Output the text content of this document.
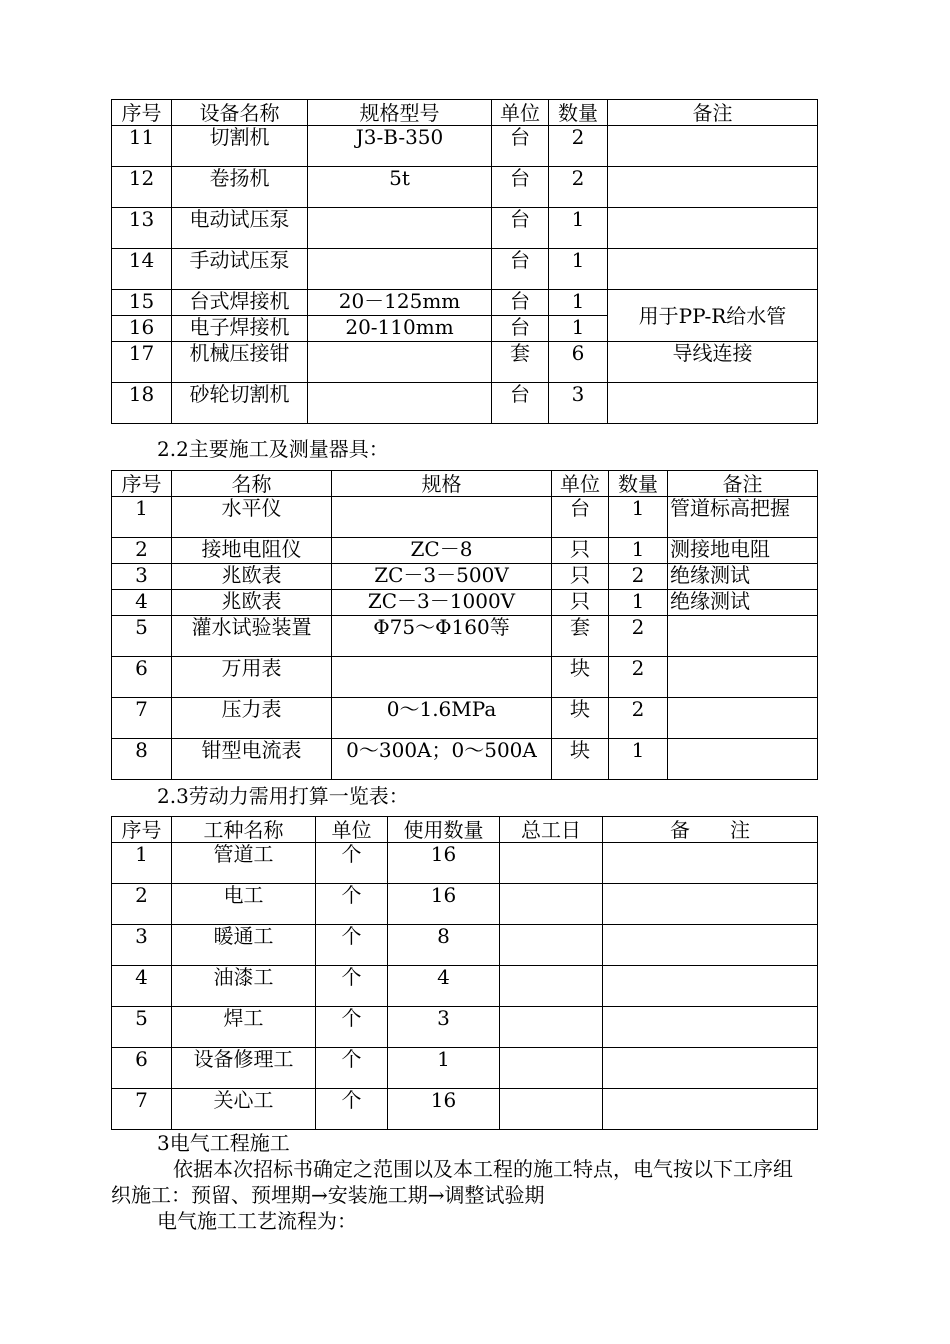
序号	设备名称	规格型号	单位	数量	备注
11	切割机	J3-B-350	台	2	
12	卷扬机	5t	台	2	
13	电动试压泵		台	1	
14	手动试压泵		台	1	
15	台式焊接机	20－125mm	台	1	用于PP-R给水管
16	电子焊接机	20-110mm	台	1	
17	机械压接钳		套	6	导线连接
18	砂轮切割机		台	3	
2.2主要施工及测量器具：
序号	名称	规格	单位	数量	备注
1	水平仪		台	1	管道标高把握
2	接地电阻仪	ZC－8	只	1	测接地电阻
3	兆欧表	ZC－3－500V	只	2	绝缘测试
4	兆欧表	ZC－3－1000V	只	1	绝缘测试
5	灌水试验装置	Φ75～Φ160等	套	2	
6	万用表		块	2	
7	压力表	0～1.6MPa	块	2	
8	钳型电流表	0～300A；0～500A	块	1	
2.3劳动力需用打算一览表：
序号	工种名称	单位	使用数量	总工日	备　　注
1	管道工	个	16		
2	电工	个	16		
3	暖通工	个	8		
4	油漆工	个	4		
5	焊工	个	3		
6	设备修理工	个	1		
7	关心工	个	16		
3电气工程施工
依据本次招标书确定之范围以及本工程的施工特点，电气按以下工序组
织施工：预留、预埋期→安装施工期→调整试验期
电气施工工艺流程为：
